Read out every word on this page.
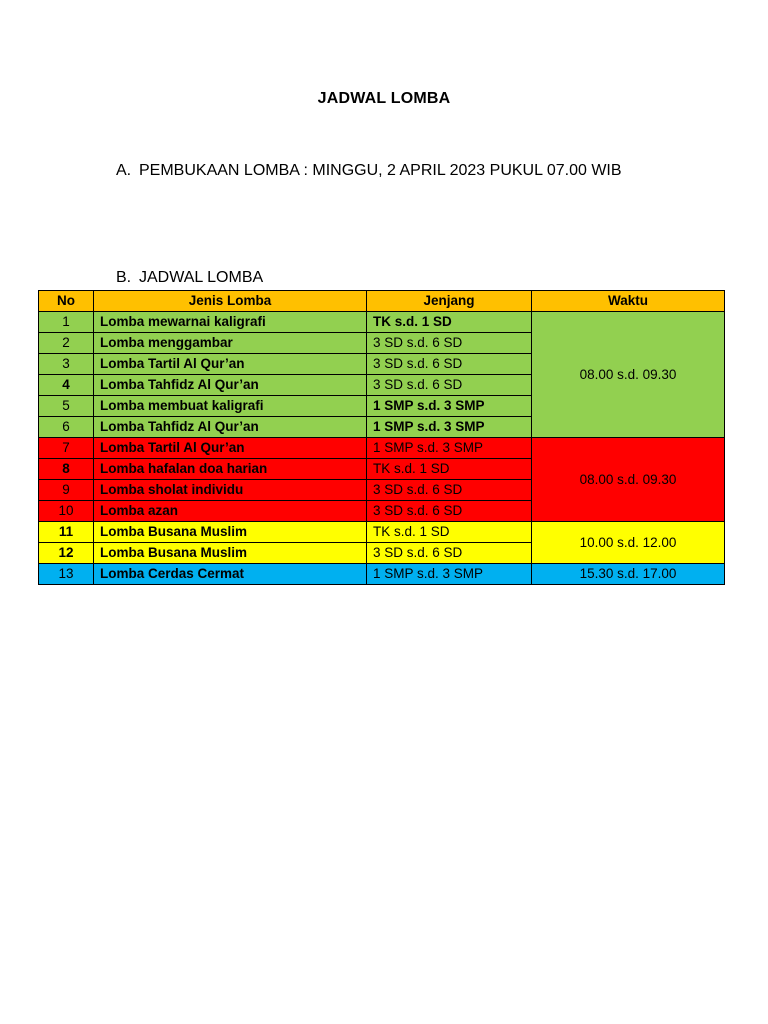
JADWAL LOMBA
A. PEMBUKAAN LOMBA : MINGGU, 2 APRIL 2023 PUKUL 07.00 WIB
B. JADWAL LOMBA
No	Jenis Lomba	Jenjang	Waktu
1	Lomba mewarnai kaligrafi	TK s.d. 1 SD	08.00 s.d. 09.30
2	Lomba menggambar	3 SD s.d. 6 SD	
3	Lomba Tartil Al Qur’an	3 SD s.d. 6 SD	
4	Lomba Tahfidz Al Qur’an	3 SD s.d. 6 SD	
5	Lomba membuat kaligrafi	1 SMP s.d. 3 SMP	
6	Lomba Tahfidz Al Qur’an	1 SMP s.d. 3 SMP	
7	Lomba Tartil Al Qur’an	1 SMP s.d. 3 SMP	08.00 s.d. 09.30
8	Lomba hafalan doa harian	TK s.d. 1 SD	
9	Lomba sholat individu	3 SD s.d. 6 SD	
10	Lomba azan	3 SD s.d. 6 SD	
11	Lomba Busana Muslim	TK s.d. 1 SD	10.00 s.d. 12.00
12	Lomba Busana Muslim	3 SD s.d. 6 SD	
13	Lomba Cerdas Cermat	1 SMP s.d. 3 SMP	15.30 s.d. 17.00
